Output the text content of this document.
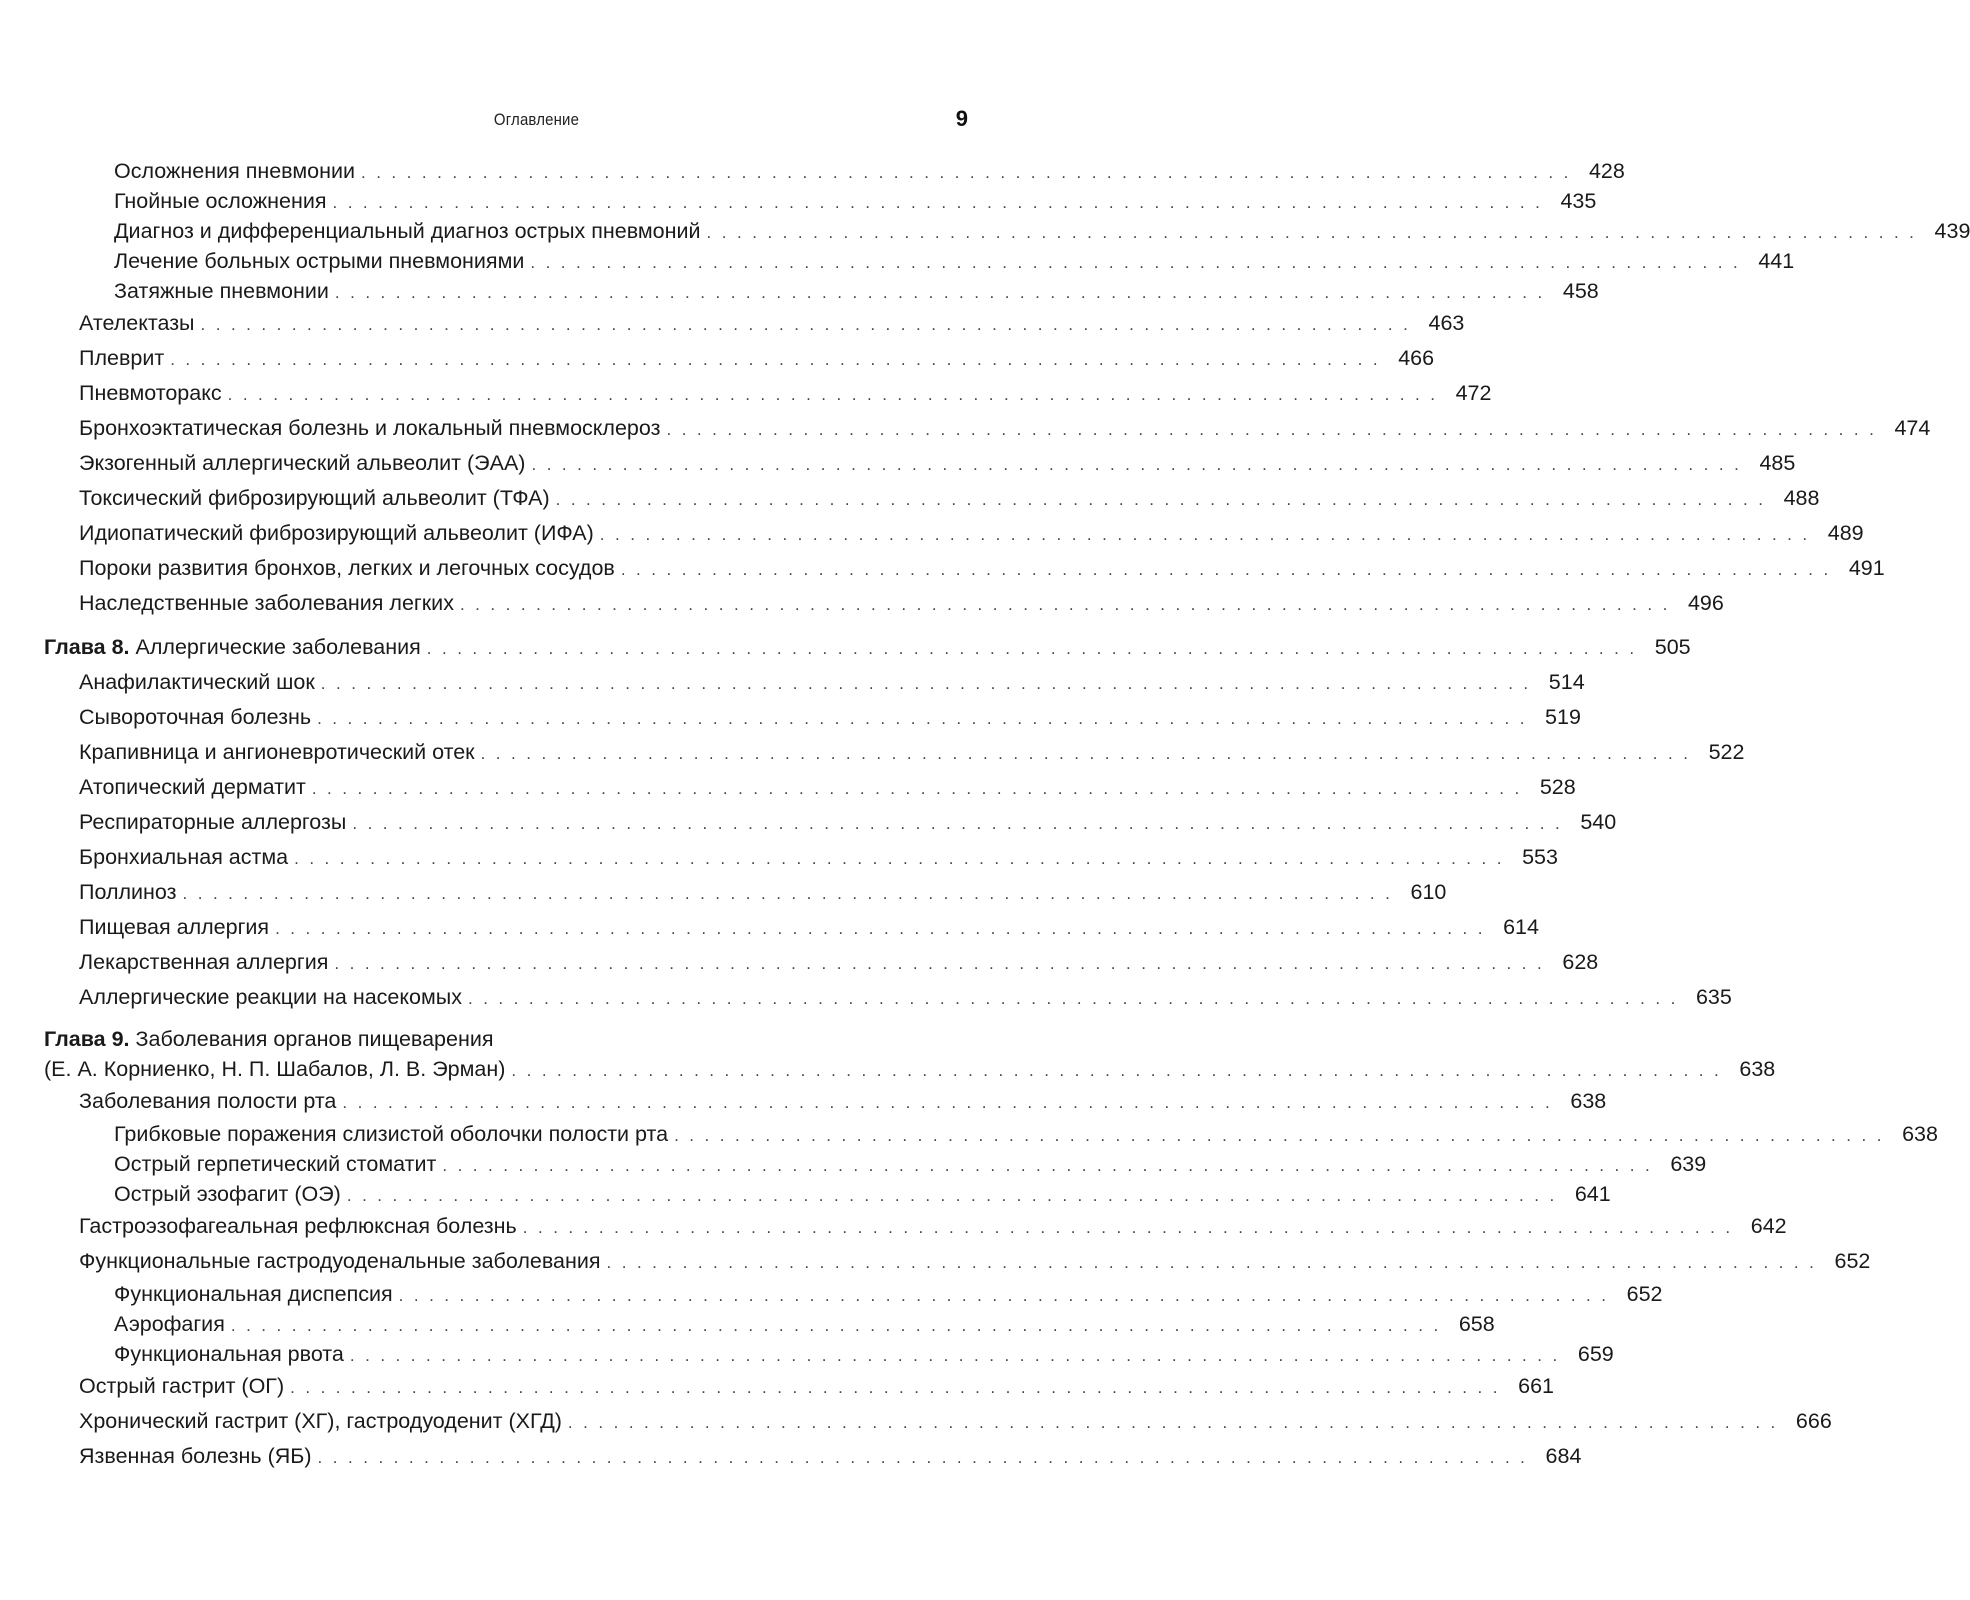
Оглавление	9
Осложнения пневмонии ................................................................................ 428
Гнойные осложнения ................................................................................ 435
Диагноз и дифференциальный диагноз острых пневмоний ................................................................................ 439
Лечение больных острыми пневмониями ................................................................................ 441
Затяжные пневмонии ................................................................................ 458
Ателектазы ................................................................................ 463
Плеврит ................................................................................ 466
Пневмоторакс ................................................................................ 472
Бронхоэктатическая болезнь и локальный пневмосклероз ................................................................................ 474
Экзогенный аллергический альвеолит (ЭАА) ................................................................................ 485
Токсический фиброзирующий альвеолит (ТФА) ................................................................................ 488
Идиопатический фиброзирующий альвеолит (ИФА) ................................................................................ 489
Пороки развития бронхов, легких и легочных сосудов ................................................................................ 491
Наследственные заболевания легких ................................................................................ 496
Глава 8. Аллергические заболевания ................................................................................ 505
Анафилактический шок ................................................................................ 514
Сывороточная болезнь ................................................................................ 519
Крапивница и ангионевротический отек ................................................................................ 522
Атопический дерматит ................................................................................ 528
Респираторные аллергозы ................................................................................ 540
Бронхиальная астма ................................................................................ 553
Поллиноз ................................................................................ 610
Пищевая аллергия ................................................................................ 614
Лекарственная аллергия ................................................................................ 628
Аллергические реакции на насекомых ................................................................................ 635
Глава 9. Заболевания органов пищеварения
(Е. А. Корниенко, Н. П. Шабалов, Л. В. Эрман) ................................................................................ 638
Заболевания полости рта ................................................................................ 638
Грибковые поражения слизистой оболочки полости рта ................................................................................ 638
Острый герпетический стоматит ................................................................................ 639
Острый эзофагит (ОЭ) ................................................................................ 641
Гастроэзофагеальная рефлюксная болезнь ................................................................................ 642
Функциональные гастродуоденальные заболевания ................................................................................ 652
Функциональная диспепсия ................................................................................ 652
Аэрофагия ................................................................................ 658
Функциональная рвота ................................................................................ 659
Острый гастрит (ОГ) ................................................................................ 661
Хронический гастрит (ХГ), гастродуоденит (ХГД) ................................................................................ 666
Язвенная болезнь (ЯБ) ................................................................................ 684
